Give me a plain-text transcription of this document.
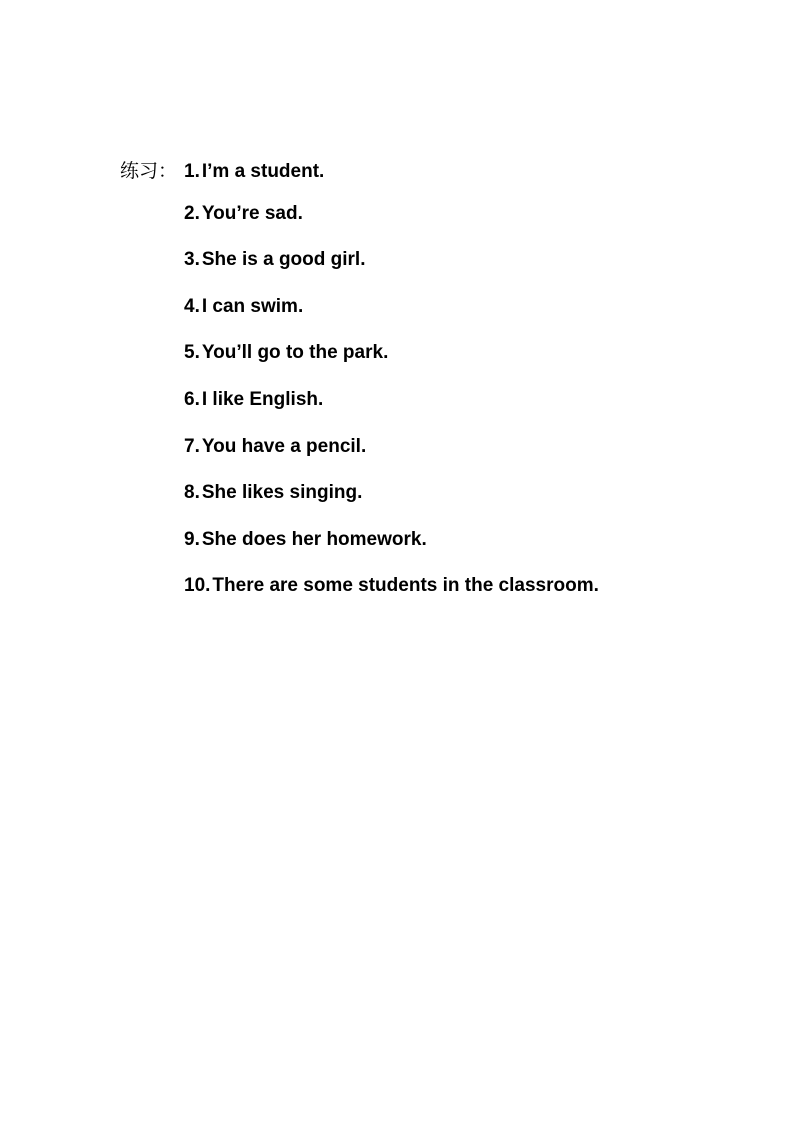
练习： 1. I’m a student.
2. You’re sad.
3. She is a good girl.
4. I can swim.
5. You’ll go to the park.
6. I like English.
7. You have a pencil.
8. She likes singing.
9. She does her homework.
10. There are some students in the classroom.
